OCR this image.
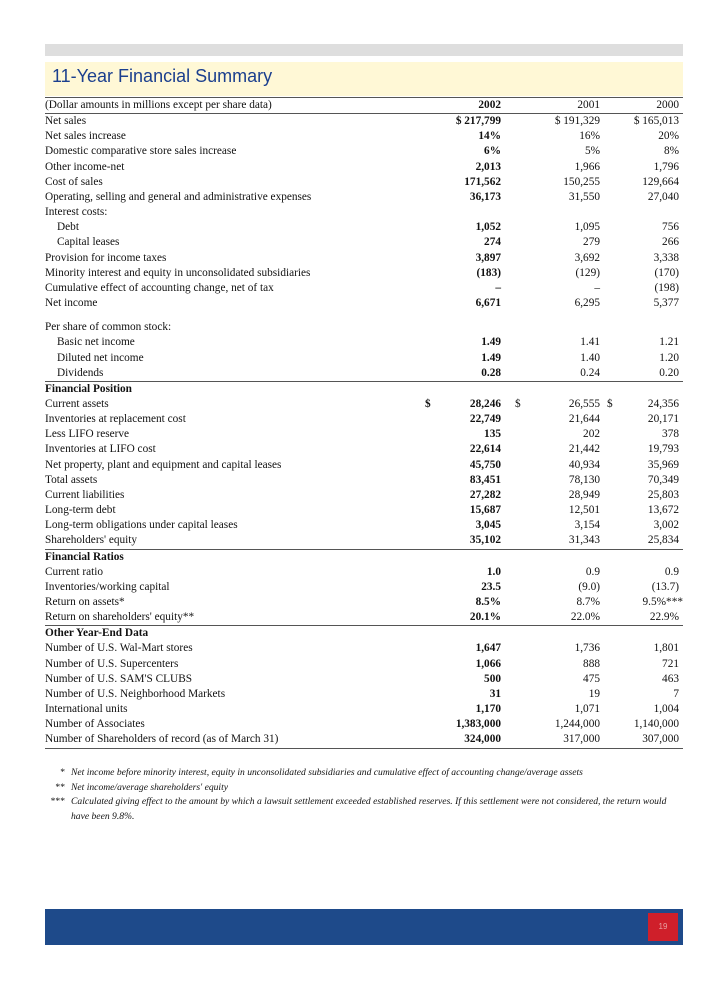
11-Year Financial Summary
(Dollar amounts in millions except per share data)	2002	2001	2000
Net sales	$ 217,799	$ 191,329	$ 165,013
Net sales increase	14%	16%	20%
Domestic comparative store sales increase	6%	5%	8%
Other income-net	2,013	1,966	1,796
Cost of sales	171,562	150,255	129,664
Operating, selling and general and administrative expenses	36,173	31,550	27,040
Interest costs:			
Debt	1,052	1,095	756
Capital leases	274	279	266
Provision for income taxes	3,897	3,692	3,338
Minority interest and equity in unconsolidated subsidiaries	(183)	(129)	(170)
Cumulative effect of accounting change, net of tax	–	–	(198)
Net income	6,671	6,295	5,377

Per share of common stock:			
Basic net income	1.49	1.41	1.21
Diluted net income	1.49	1.40	1.20
Dividends	0.28	0.24	0.20
Financial Position			
Current assets	$ 28,246	$ 26,555	$ 24,356
Inventories at replacement cost	22,749	21,644	20,171
Less LIFO reserve	135	202	378
Inventories at LIFO cost	22,614	21,442	19,793
Net property, plant and equipment and capital leases	45,750	40,934	35,969
Total assets	83,451	78,130	70,349
Current liabilities	27,282	28,949	25,803
Long-term debt	15,687	12,501	13,672
Long-term obligations under capital leases	3,045	3,154	3,002
Shareholders' equity	35,102	31,343	25,834
Financial Ratios			
Current ratio	1.0	0.9	0.9
Inventories/working capital	23.5	(9.0)	(13.7)
Return on assets*	8.5%	8.7%	9.5%***
Return on shareholders' equity**	20.1%	22.0%	22.9%
Other Year-End Data			
Number of U.S. Wal-Mart stores	1,647	1,736	1,801
Number of U.S. Supercenters	1,066	888	721
Number of U.S. SAM'S CLUBS	500	475	463
Number of U.S. Neighborhood Markets	31	19	7
International units	1,170	1,071	1,004
Number of Associates	1,383,000	1,244,000	1,140,000
Number of Shareholders of record (as of March 31)	324,000	317,000	307,000
* Net income before minority interest, equity in unconsolidated subsidiaries and cumulative effect of accounting change/average assets
** Net income/average shareholders' equity
*** Calculated giving effect to the amount by which a lawsuit settlement exceeded established reserves. If this settlement were not considered, the return would have been 9.8%.
19
